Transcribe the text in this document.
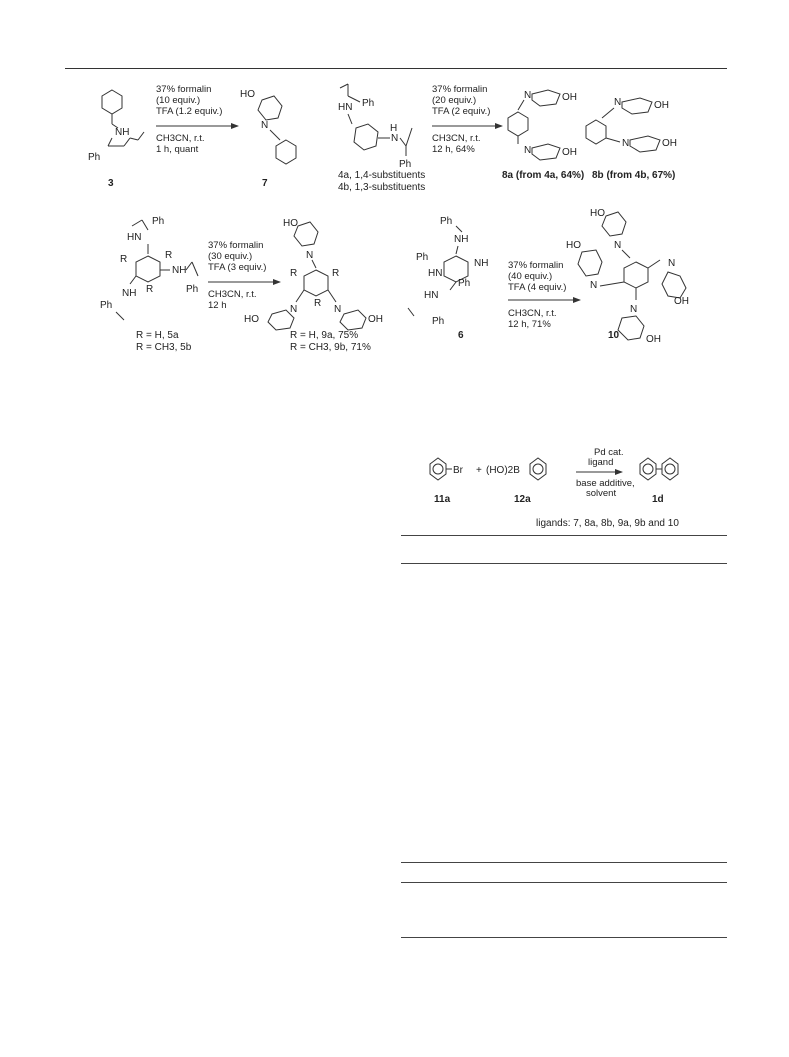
NH
Ph
3
37% formalin
(10 equiv.)
TFA (1.2 equiv.)
CH3CN, r.t.
1 h, quant
HO
N
7
Ph
HN
N
H
Ph
4a, 1,4-substituents
4b, 1,3-substituents
37% formalin
(20 equiv.)
TFA (2 equiv.)
CH3CN, r.t.
12 h, 64%
N	OH
N	OH
8a (from 4a, 64%)
N	OH
N	OH
8b (from 4b, 67%)
Ph
HN
R	R
R
NH
Ph
NH
Ph
R = H, 5a
R = CH3, 5b
37% formalin
(30 equiv.)
TFA (3 equiv.)
CH3CN, r.t.
12 h
HO
N
R	R
R
N
HO
N
OH
R = H, 9a, 75%
R = CH3, 9b, 71%
Ph
NH
HN
Ph
NH
Ph
HN
Ph
6
37% formalin
(40 equiv.)
TFA (4 equiv.)
CH3CN, r.t.
12 h, 71%
HO
N
HO
N
N
OH
N
OH
10
Br
11a
+ (HO)2B
12a
Pd cat.
ligand
base additive,
solvent
1d
ligands: 7, 8a, 8b, 9a, 9b and 10
